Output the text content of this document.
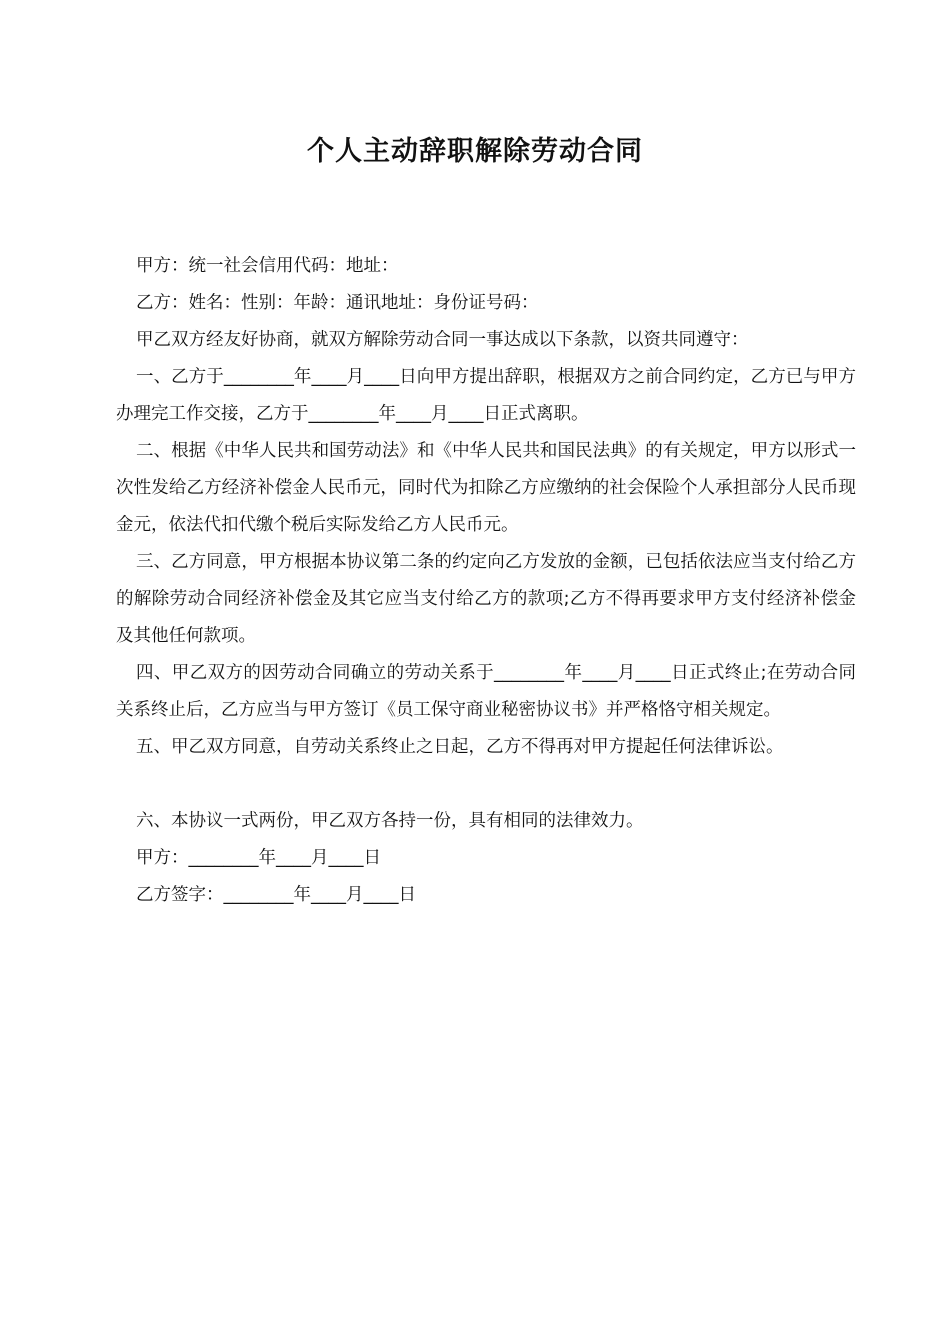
个人主动辞职解除劳动合同

甲方：统一社会信用代码：地址：

乙方：姓名：性别：年龄：通讯地址：身份证号码：

甲乙双方经友好协商，就双方解除劳动合同一事达成以下条款，以资共同遵守：

一、乙方于________年____月____日向甲方提出辞职，根据双方之前合同约定，乙方已与甲方办理完工作交接，乙方于________年____月____日正式离职。

二、根据《中华人民共和国劳动法》和《中华人民共和国民法典》的有关规定，甲方以形式一次性发给乙方经济补偿金人民币元，同时代为扣除乙方应缴纳的社会保险个人承担部分人民币现金元，依法代扣代缴个税后实际发给乙方人民币元。

三、乙方同意，甲方根据本协议第二条的约定向乙方发放的金额，已包括依法应当支付给乙方的解除劳动合同经济补偿金及其它应当支付给乙方的款项;乙方不得再要求甲方支付经济补偿金及其他任何款项。

四、甲乙双方的因劳动合同确立的劳动关系于________年____月____日正式终止;在劳动合同关系终止后，乙方应当与甲方签订《员工保守商业秘密协议书》并严格恪守相关规定。

五、甲乙双方同意，自劳动关系终止之日起，乙方不得再对甲方提起任何法律诉讼。

六、本协议一式两份，甲乙双方各持一份，具有相同的法律效力。

甲方：________年____月____日

乙方签字：________年____月____日
